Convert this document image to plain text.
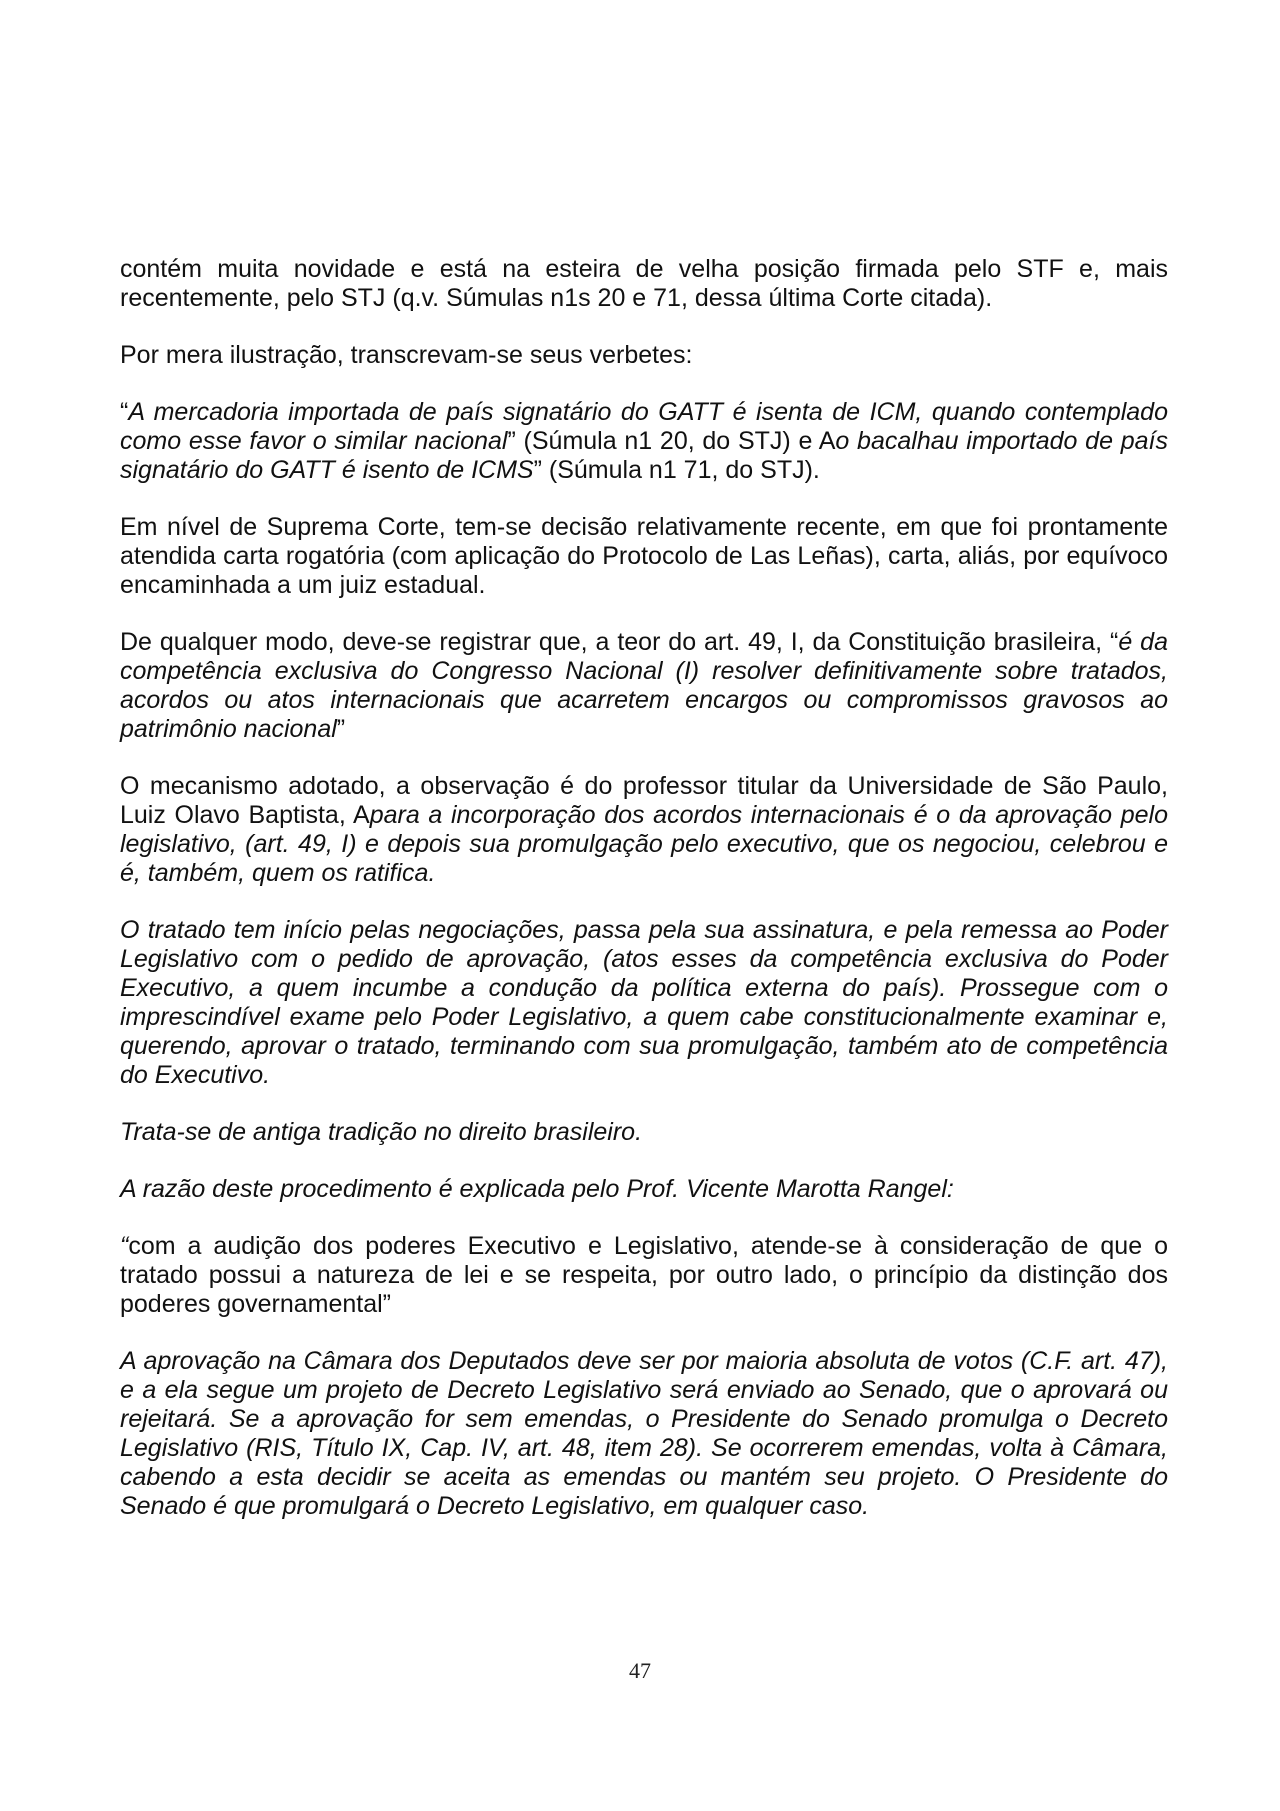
contém muita novidade e está na esteira de velha posição firmada pelo STF e, mais recentemente, pelo STJ (q.v. Súmulas n1s 20 e 71, dessa última Corte citada).

Por mera ilustração, transcrevam-se seus verbetes:

“A mercadoria importada de país signatário do GATT é isenta de ICM, quando contemplado como esse favor o similar nacional” (Súmula n1 20, do STJ) e Ao bacalhau importado de país signatário do GATT é isento de ICMS” (Súmula n1 71, do STJ).

Em nível de Suprema Corte, tem-se decisão relativamente recente, em que foi prontamente atendida carta rogatória (com aplicação do Protocolo de Las Leñas), carta, aliás, por equívoco encaminhada a um juiz estadual.

De qualquer modo, deve-se registrar que, a teor do art. 49, I, da Constituição brasileira, “é da competência exclusiva do Congresso Nacional (I) resolver definitivamente sobre tratados, acordos ou atos internacionais que acarretem encargos ou compromissos gravosos ao patrimônio nacional”

O mecanismo adotado, a observação é do professor titular da Universidade de São Paulo, Luiz Olavo Baptista, Apara a incorporação dos acordos internacionais é o da aprovação pelo legislativo, (art. 49, I) e depois sua promulgação pelo executivo, que os negociou, celebrou e é, também, quem os ratifica.

O tratado tem início pelas negociações, passa pela sua assinatura, e pela remessa ao Poder Legislativo com o pedido de aprovação, (atos esses da competência exclusiva do Poder Executivo, a quem incumbe a condução da política externa do país). Prossegue com o imprescindível exame pelo Poder Legislativo, a quem cabe constitucionalmente examinar e, querendo, aprovar o tratado, terminando com sua promulgação, também ato de competência do Executivo.

Trata-se de antiga tradição no direito brasileiro.

A razão deste procedimento é explicada pelo Prof. Vicente Marotta Rangel:

“com a audição dos poderes Executivo e Legislativo, atende-se à consideração de que o tratado possui a natureza de lei e se respeita, por outro lado, o princípio da distinção dos poderes governamental”

A aprovação na Câmara dos Deputados deve ser por maioria absoluta de votos (C.F. art. 47), e a ela segue um projeto de Decreto Legislativo será enviado ao Senado, que o aprovará ou rejeitará. Se a aprovação for sem emendas, o Presidente do Senado promulga o Decreto Legislativo (RIS, Título IX, Cap. IV, art. 48, item 28). Se ocorrerem emendas, volta à Câmara, cabendo a esta decidir se aceita as emendas ou mantém seu projeto. O Presidente do Senado é que promulgará o Decreto Legislativo, em qualquer caso.

47
